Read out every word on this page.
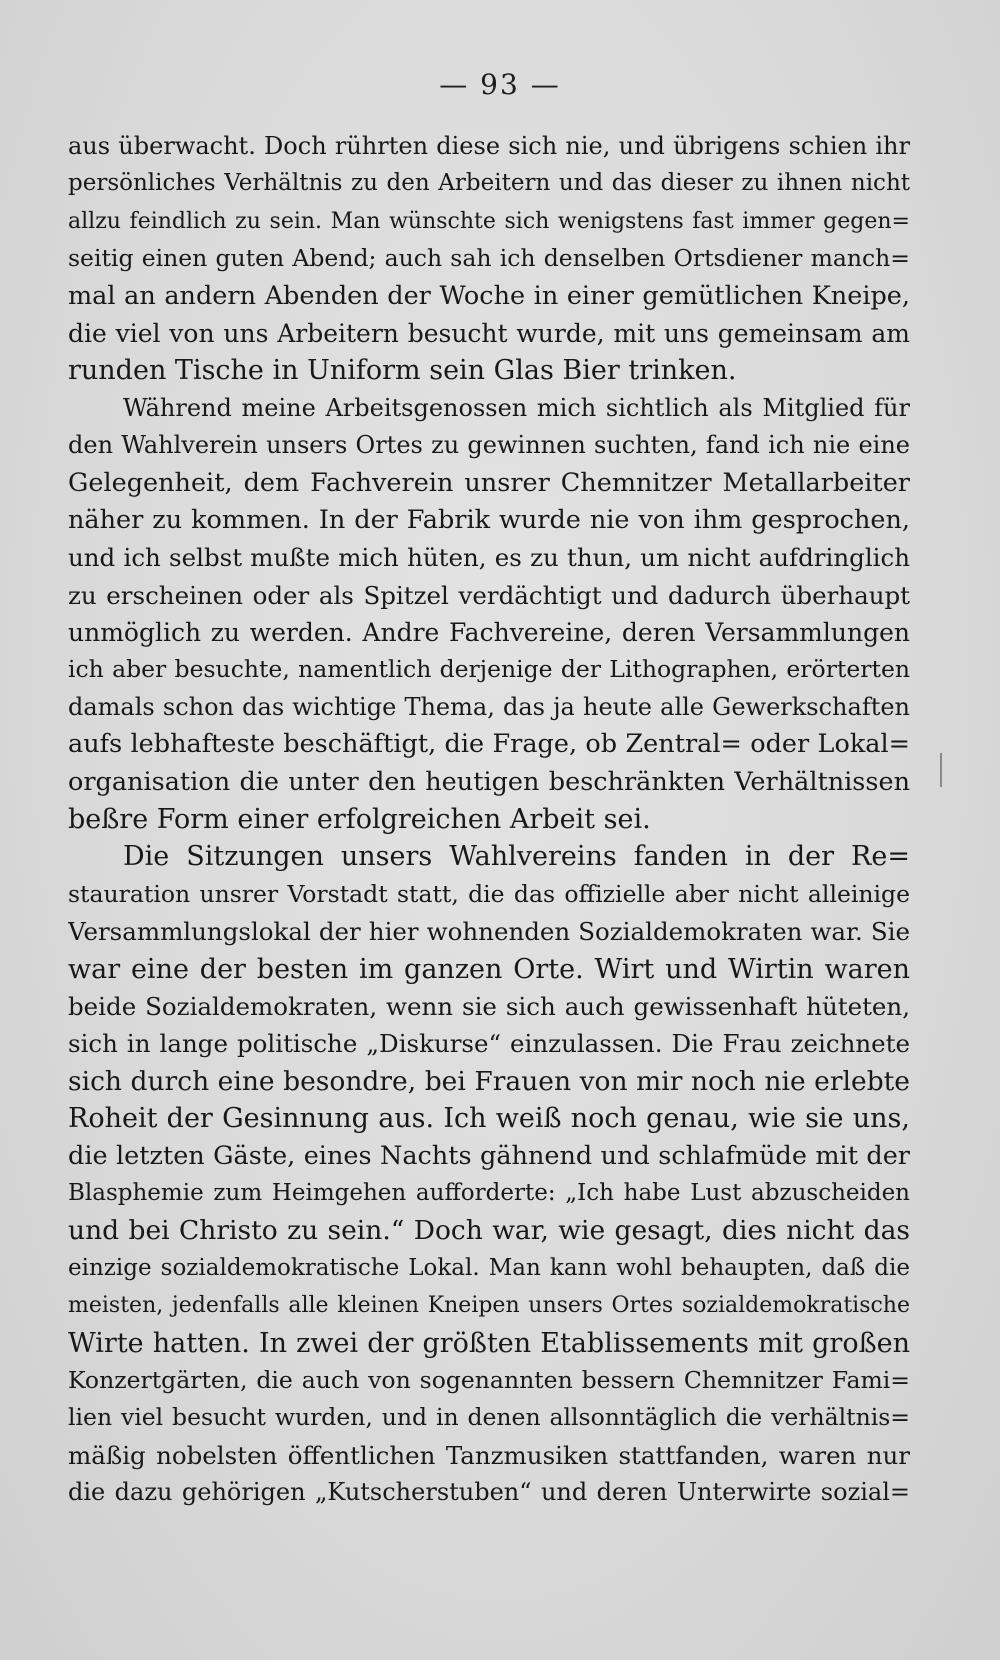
— 93 —
aus überwacht. Doch rührten diese sich nie, und übrigens schien ihr
persönliches Verhältnis zu den Arbeitern und das dieser zu ihnen nicht
allzu feindlich zu sein. Man wünschte sich wenigstens fast immer gegen=
seitig einen guten Abend; auch sah ich denselben Ortsdiener manch=
mal an andern Abenden der Woche in einer gemütlichen Kneipe,
die viel von uns Arbeitern besucht wurde, mit uns gemeinsam am
runden Tische in Uniform sein Glas Bier trinken.
Während meine Arbeitsgenossen mich sichtlich als Mitglied für
den Wahlverein unsers Ortes zu gewinnen suchten, fand ich nie eine
Gelegenheit, dem Fachverein unsrer Chemnitzer Metallarbeiter
näher zu kommen. In der Fabrik wurde nie von ihm gesprochen,
und ich selbst mußte mich hüten, es zu thun, um nicht aufdringlich
zu erscheinen oder als Spitzel verdächtigt und dadurch überhaupt
unmöglich zu werden. Andre Fachvereine, deren Versammlungen
ich aber besuchte, namentlich derjenige der Lithographen, erörterten
damals schon das wichtige Thema, das ja heute alle Gewerkschaften
aufs lebhafteste beschäftigt, die Frage, ob Zentral= oder Lokal=
organisation die unter den heutigen beschränkten Verhältnissen
beßre Form einer erfolgreichen Arbeit sei.
Die Sitzungen unsers Wahlvereins fanden in der Re=
stauration unsrer Vorstadt statt, die das offizielle aber nicht alleinige
Versammlungslokal der hier wohnenden Sozialdemokraten war. Sie
war eine der besten im ganzen Orte. Wirt und Wirtin waren
beide Sozialdemokraten, wenn sie sich auch gewissenhaft hüteten,
sich in lange politische „Diskurse“ einzulassen. Die Frau zeichnete
sich durch eine besondre, bei Frauen von mir noch nie erlebte
Roheit der Gesinnung aus. Ich weiß noch genau, wie sie uns,
die letzten Gäste, eines Nachts gähnend und schlafmüde mit der
Blasphemie zum Heimgehen aufforderte: „Ich habe Lust abzuscheiden
und bei Christo zu sein.“ Doch war, wie gesagt, dies nicht das
einzige sozialdemokratische Lokal. Man kann wohl behaupten, daß die
meisten, jedenfalls alle kleinen Kneipen unsers Ortes sozialdemokratische
Wirte hatten. In zwei der größten Etablissements mit großen
Konzertgärten, die auch von sogenannten bessern Chemnitzer Fami=
lien viel besucht wurden, und in denen allsonntäglich die verhältnis=
mäßig nobelsten öffentlichen Tanzmusiken stattfanden, waren nur
die dazu gehörigen „Kutscherstuben“ und deren Unterwirte sozial=
